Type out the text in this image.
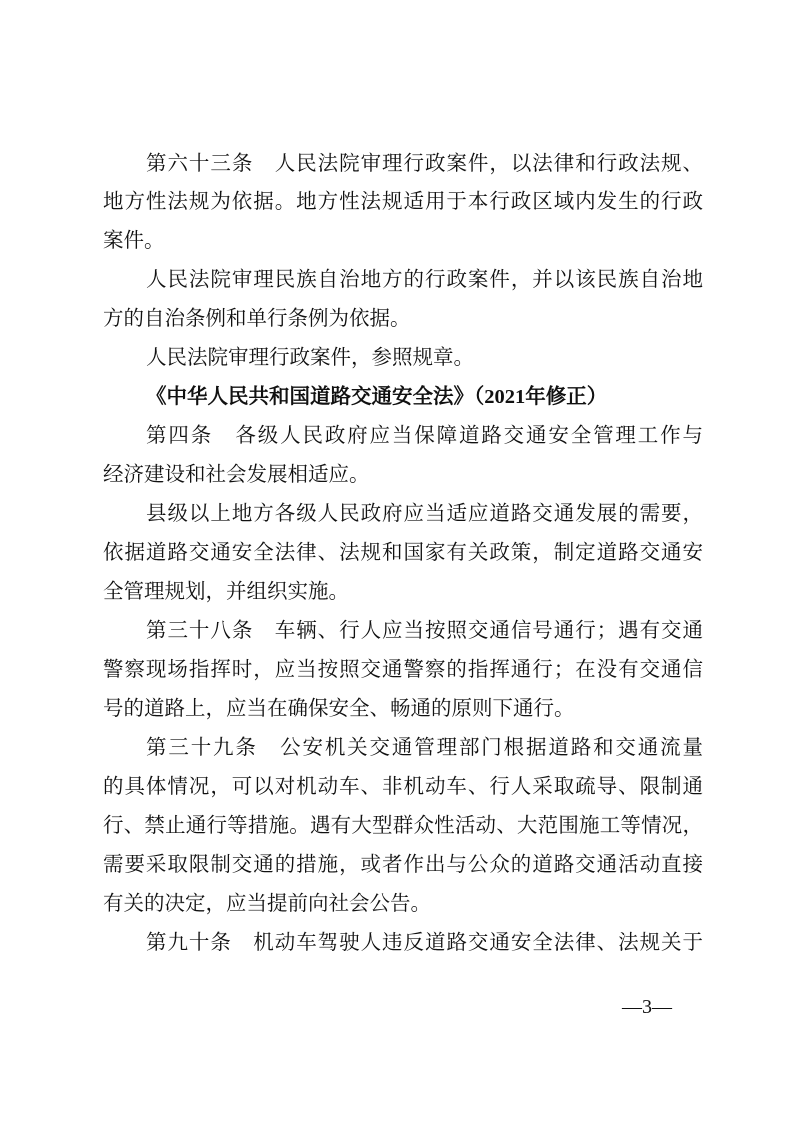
第六十三条　人民法院审理行政案件，以法律和行政法规、
地方性法规为依据。地方性法规适用于本行政区域内发生的行政
案件。
人民法院审理民族自治地方的行政案件，并以该民族自治地
方的自治条例和单行条例为依据。
人民法院审理行政案件，参照规章。
《中华人民共和国道路交通安全法》（2021年修正）
第四条　各级人民政府应当保障道路交通安全管理工作与
经济建设和社会发展相适应。
县级以上地方各级人民政府应当适应道路交通发展的需要，
依据道路交通安全法律、法规和国家有关政策，制定道路交通安
全管理规划，并组织实施。
第三十八条　车辆、行人应当按照交通信号通行；遇有交通
警察现场指挥时，应当按照交通警察的指挥通行；在没有交通信
号的道路上，应当在确保安全、畅通的原则下通行。
第三十九条　公安机关交通管理部门根据道路和交通流量
的具体情况，可以对机动车、非机动车、行人采取疏导、限制通
行、禁止通行等措施。遇有大型群众性活动、大范围施工等情况，
需要采取限制交通的措施，或者作出与公众的道路交通活动直接
有关的决定，应当提前向社会公告。
第九十条　机动车驾驶人违反道路交通安全法律、法规关于
—3—
